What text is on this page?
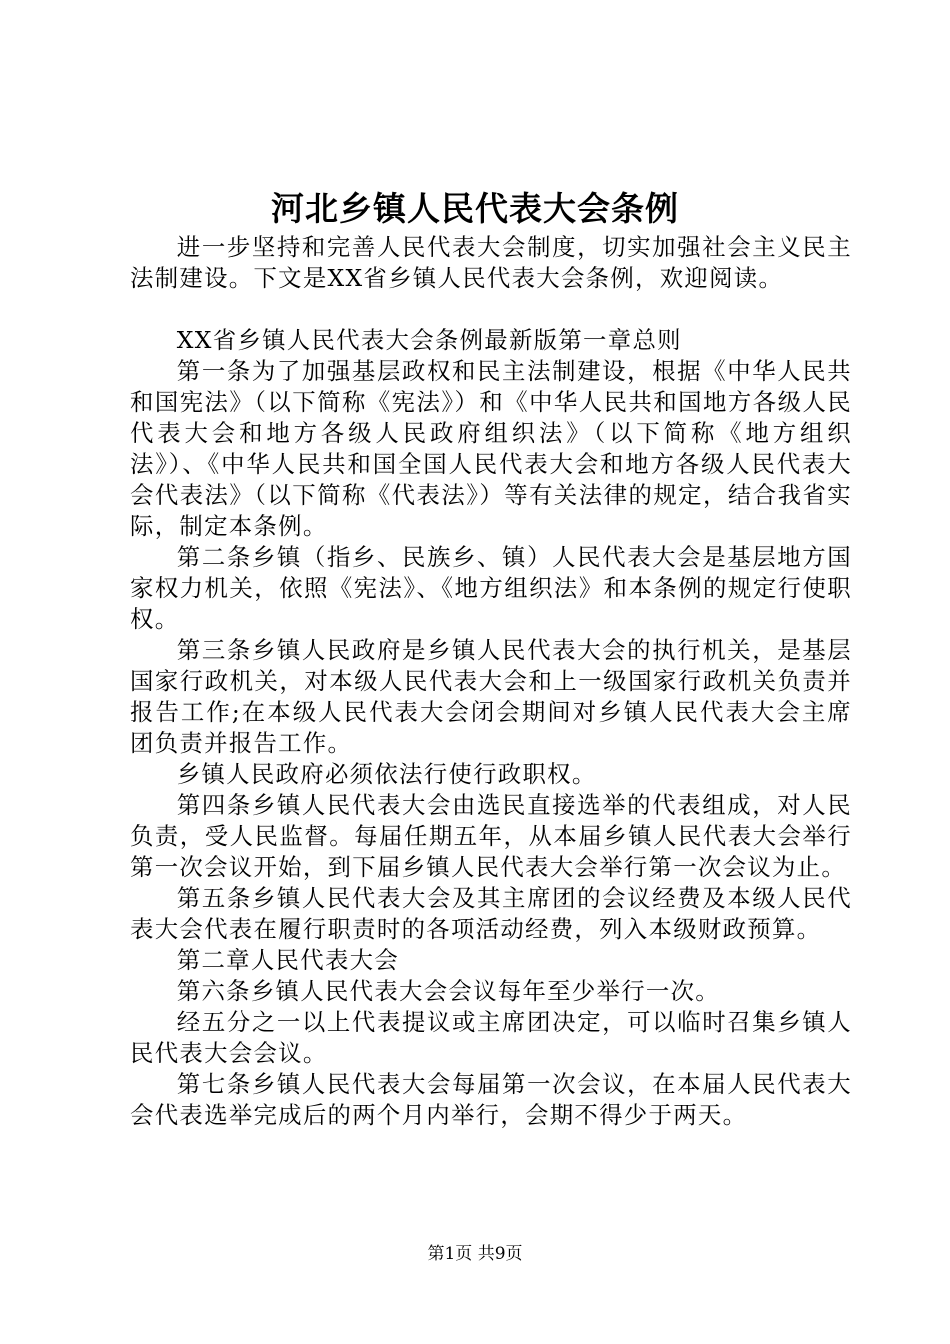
河北乡镇人民代表大会条例

进一步坚持和完善人民代表大会制度，切实加强社会主义民主法制建设。下文是XX省乡镇人民代表大会条例，欢迎阅读。

XX省乡镇人民代表大会条例最新版第一章总则

第一条为了加强基层政权和民主法制建设，根据《中华人民共和国宪法》（以下简称《宪法》）和《中华人民共和国地方各级人民代表大会和地方各级人民政府组织法》（以下简称《地方组织法》）、《中华人民共和国全国人民代表大会和地方各级人民代表大会代表法》（以下简称《代表法》）等有关法律的规定，结合我省实际，制定本条例。

第二条乡镇（指乡、民族乡、镇）人民代表大会是基层地方国家权力机关，依照《宪法》、《地方组织法》和本条例的规定行使职权。

第三条乡镇人民政府是乡镇人民代表大会的执行机关，是基层国家行政机关，对本级人民代表大会和上一级国家行政机关负责并报告工作;在本级人民代表大会闭会期间对乡镇人民代表大会主席团负责并报告工作。

乡镇人民政府必须依法行使行政职权。

第四条乡镇人民代表大会由选民直接选举的代表组成，对人民负责，受人民监督。每届任期五年，从本届乡镇人民代表大会举行第一次会议开始，到下届乡镇人民代表大会举行第一次会议为止。

第五条乡镇人民代表大会及其主席团的会议经费及本级人民代表大会代表在履行职责时的各项活动经费，列入本级财政预算。

第二章人民代表大会

第六条乡镇人民代表大会会议每年至少举行一次。

经五分之一以上代表提议或主席团决定，可以临时召集乡镇人民代表大会会议。

第七条乡镇人民代表大会每届第一次会议，在本届人民代表大会代表选举完成后的两个月内举行，会期不得少于两天。

第1页 共9页
